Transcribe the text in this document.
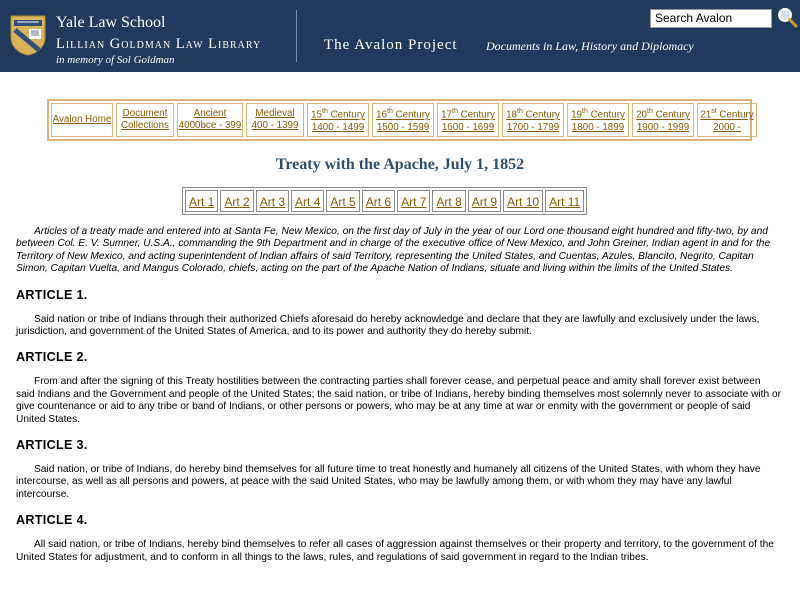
Yale Law School
Lillian Goldman Law Library
in memory of Sol Goldman
The Avalon Project Documents in Law, History and Diplomacy
Search Avalon
Avalon Home
Document
Collections
Ancient
4000bce - 399
Medieval
400 - 1399
15th Century
1400 - 1499
16th Century
1500 - 1599
17th Century
1600 - 1699
18th Century
1700 - 1799
19th Century
1800 - 1899
20th Century
1900 - 1999
21st Century
2000 -
Treaty with the Apache, July 1, 1852
Art 1 Art 2 Art 3 Art 4 Art 5 Art 6 Art 7 Art 8 Art 9 Art 10 Art 11

Articles of a treaty made and entered into at Santa Fe, New Mexico, on the first day of July in the year of our Lord one thousand eight hundred and fifty-two, by and between Col. E. V. Sumner, U.S.A., commanding the 9th Department and in charge of the executive office of New Mexico, and John Greiner, Indian agent in and for the Territory of New Mexico, and acting superintendent of Indian affairs of said Territory, representing the United States, and Cuentas, Azules, Blancito, Negrito, Capitan Simon, Capitan Vuelta, and Mangus Colorado, chiefs, acting on the part of the Apache Nation of Indians, situate and living within the limits of the United States.

ARTICLE 1.

Said nation or tribe of Indians through their authorized Chiefs aforesaid do hereby acknowledge and declare that they are lawfully and exclusively under the laws, jurisdiction, and government of the United States of America, and to its power and authority they do hereby submit.

ARTICLE 2.

From and after the signing of this Treaty hostilities between the contracting parties shall forever cease, and perpetual peace and amity shall forever exist between said Indians and the Government and people of the United States; the said nation, or tribe of Indians, hereby binding themselves most solemnly never to associate with or give countenance or aid to any tribe or band of Indians, or other persons or powers, who may be at any time at war or enmity with the government or people of said United States.

ARTICLE 3.

Said nation, or tribe of Indians, do hereby bind themselves for all future time to treat honestly and humanely all citizens of the United States, with whom they have intercourse, as well as all persons and powers, at peace with the said United States, who may be lawfully among them, or with whom they may have any lawful intercourse.

ARTICLE 4.

All said nation, or tribe of Indians, hereby bind themselves to refer all cases of aggression against themselves or their property and territory, to the government of the United States for adjustment, and to conform in all things to the laws, rules, and regulations of said government in regard to the Indian tribes.
